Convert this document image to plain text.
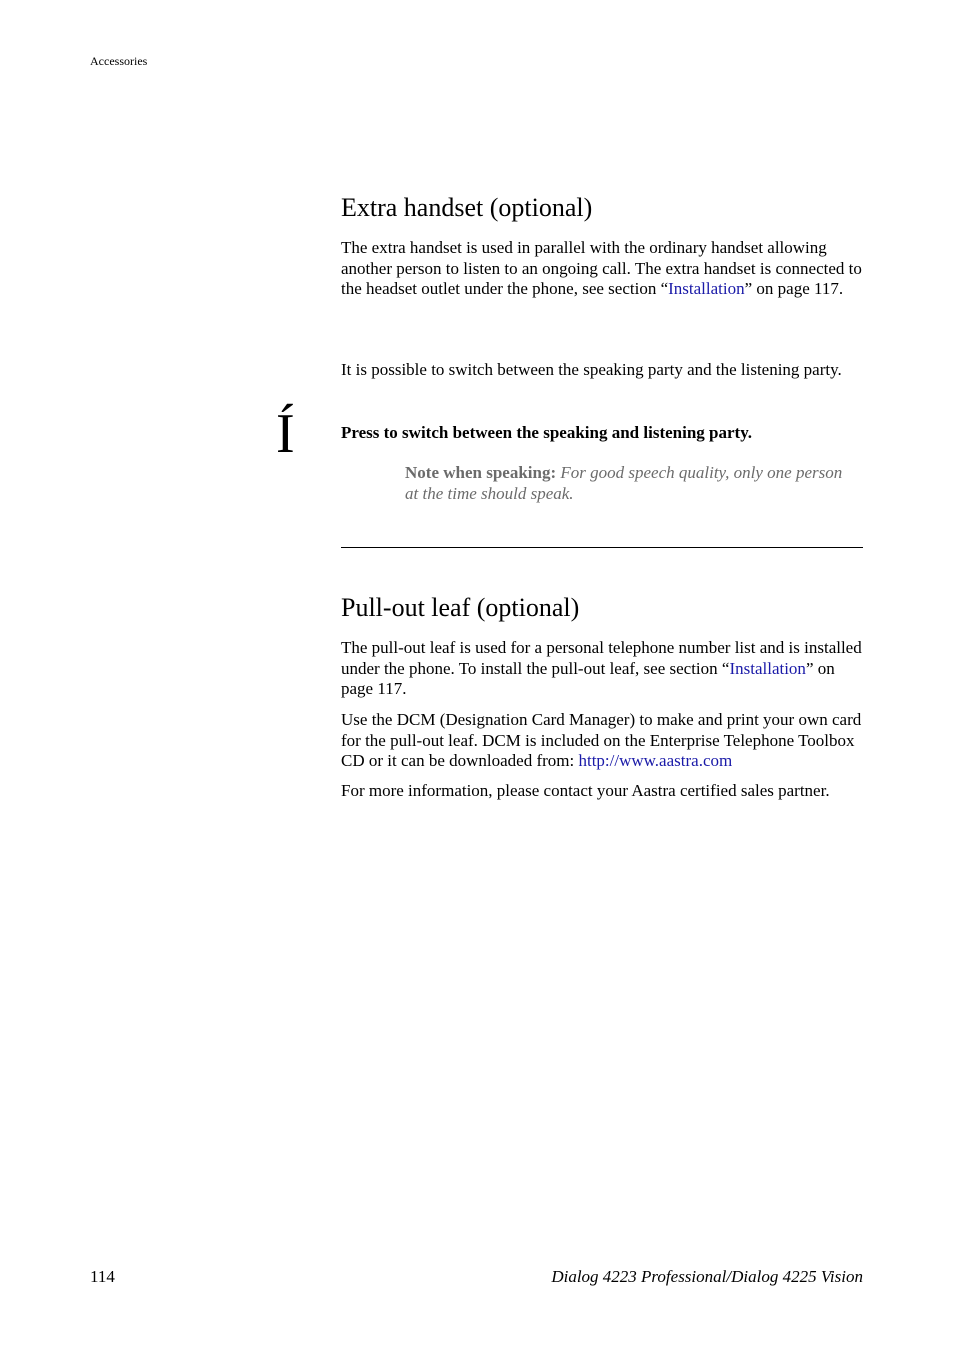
Accessories
Extra handset (optional)

The extra handset is used in parallel with the ordinary handset allowing another person to listen to an ongoing call. The extra handset is connected to the headset outlet under the phone, see section “Installation” on page 117.

It is possible to switch between the speaking party and the listening party.

Í	Press to switch between the speaking and listening party.
Note when speaking: For good speech quality, only one person at the time should speak.
Pull-out leaf (optional)

The pull-out leaf is used for a personal telephone number list and is installed under the phone. To install the pull-out leaf, see section “Installation” on page 117.

Use the DCM (Designation Card Manager) to make and print your own card for the pull-out leaf. DCM is included on the Enterprise Telephone Toolbox CD or it can be downloaded from: http://www.aastra.com

For more information, please contact your Aastra certified sales partner.

114	Dialog 4223 Professional/Dialog 4225 Vision
